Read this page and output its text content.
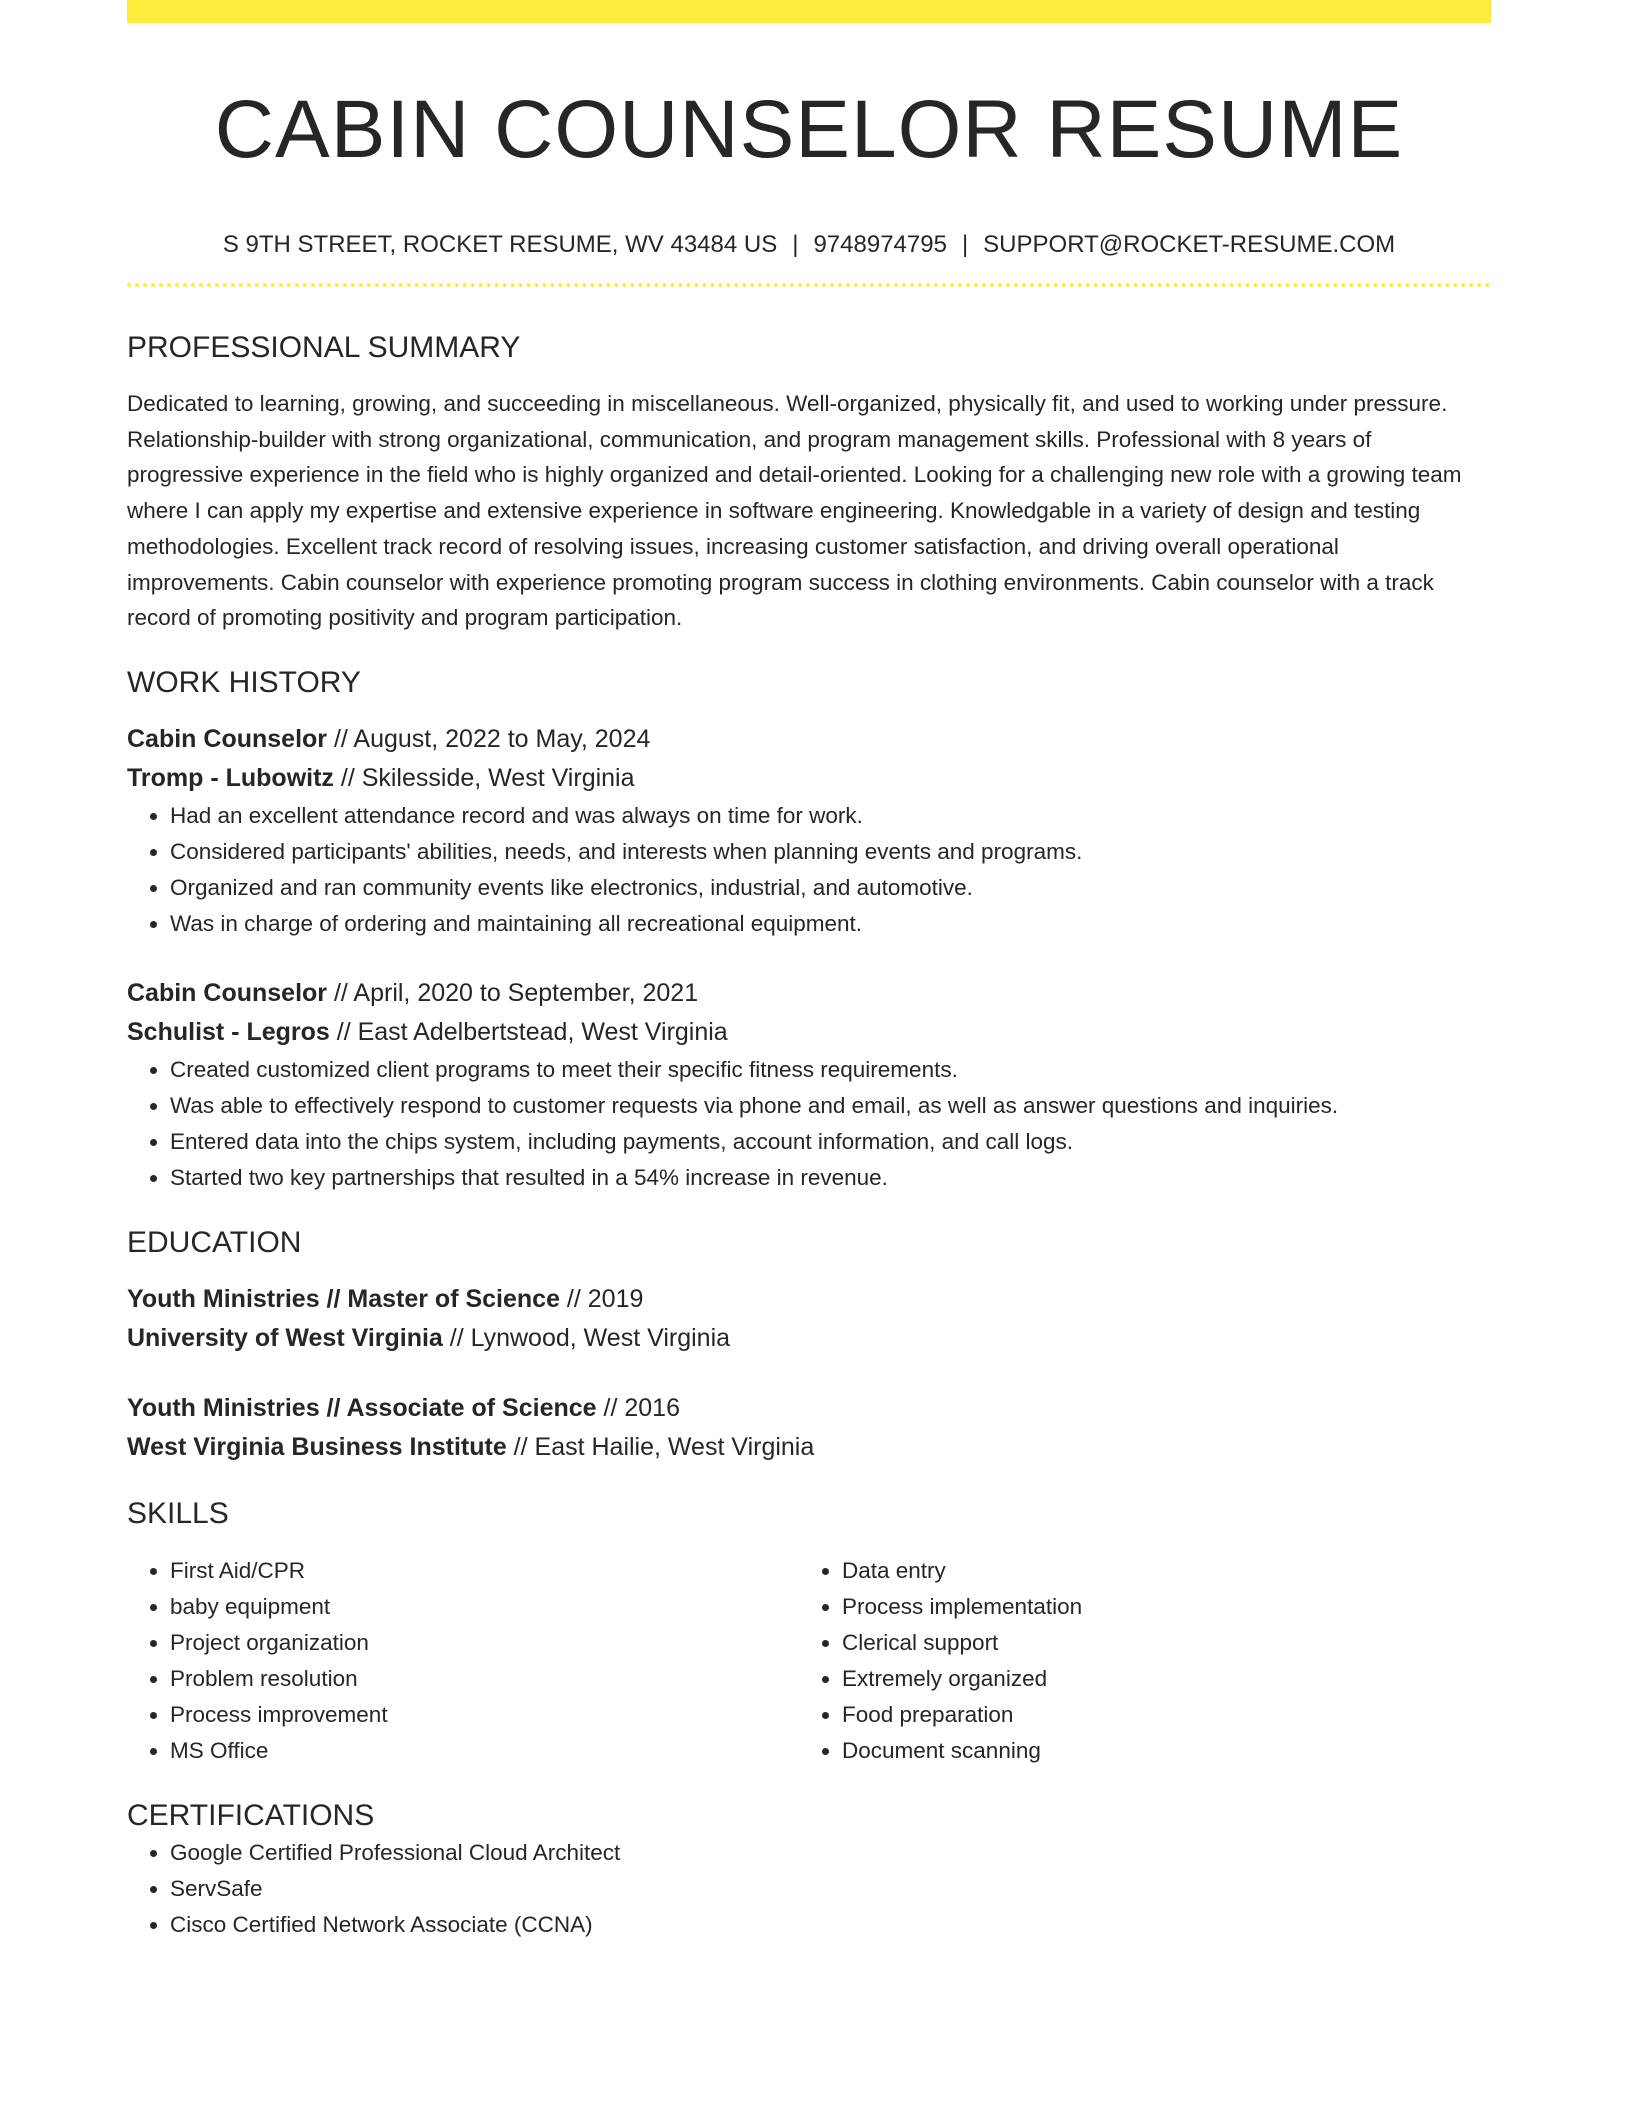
CABIN COUNSELOR RESUME
S 9TH STREET, ROCKET RESUME, WV 43484 US | 9748974795 | SUPPORT@ROCKET-RESUME.COM
PROFESSIONAL SUMMARY
Dedicated to learning, growing, and succeeding in miscellaneous. Well-organized, physically fit, and used to working under pressure. Relationship-builder with strong organizational, communication, and program management skills. Professional with 8 years of progressive experience in the field who is highly organized and detail-oriented. Looking for a challenging new role with a growing team where I can apply my expertise and extensive experience in software engineering. Knowledgable in a variety of design and testing methodologies. Excellent track record of resolving issues, increasing customer satisfaction, and driving overall operational improvements. Cabin counselor with experience promoting program success in clothing environments. Cabin counselor with a track record of promoting positivity and program participation.
WORK HISTORY
Cabin Counselor // August, 2022 to May, 2024
Tromp - Lubowitz // Skilesside, West Virginia
• Had an excellent attendance record and was always on time for work.
• Considered participants' abilities, needs, and interests when planning events and programs.
• Organized and ran community events like electronics, industrial, and automotive.
• Was in charge of ordering and maintaining all recreational equipment.
Cabin Counselor // April, 2020 to September, 2021
Schulist - Legros // East Adelbertstead, West Virginia
• Created customized client programs to meet their specific fitness requirements.
• Was able to effectively respond to customer requests via phone and email, as well as answer questions and inquiries.
• Entered data into the chips system, including payments, account information, and call logs.
• Started two key partnerships that resulted in a 54% increase in revenue.
EDUCATION
Youth Ministries // Master of Science // 2019
University of West Virginia // Lynwood, West Virginia
Youth Ministries // Associate of Science // 2016
West Virginia Business Institute // East Hailie, West Virginia
SKILLS
• First Aid/CPR
• baby equipment
• Project organization
• Problem resolution
• Process improvement
• MS Office
• Data entry
• Process implementation
• Clerical support
• Extremely organized
• Food preparation
• Document scanning
CERTIFICATIONS
• Google Certified Professional Cloud Architect
• ServSafe
• Cisco Certified Network Associate (CCNA)
